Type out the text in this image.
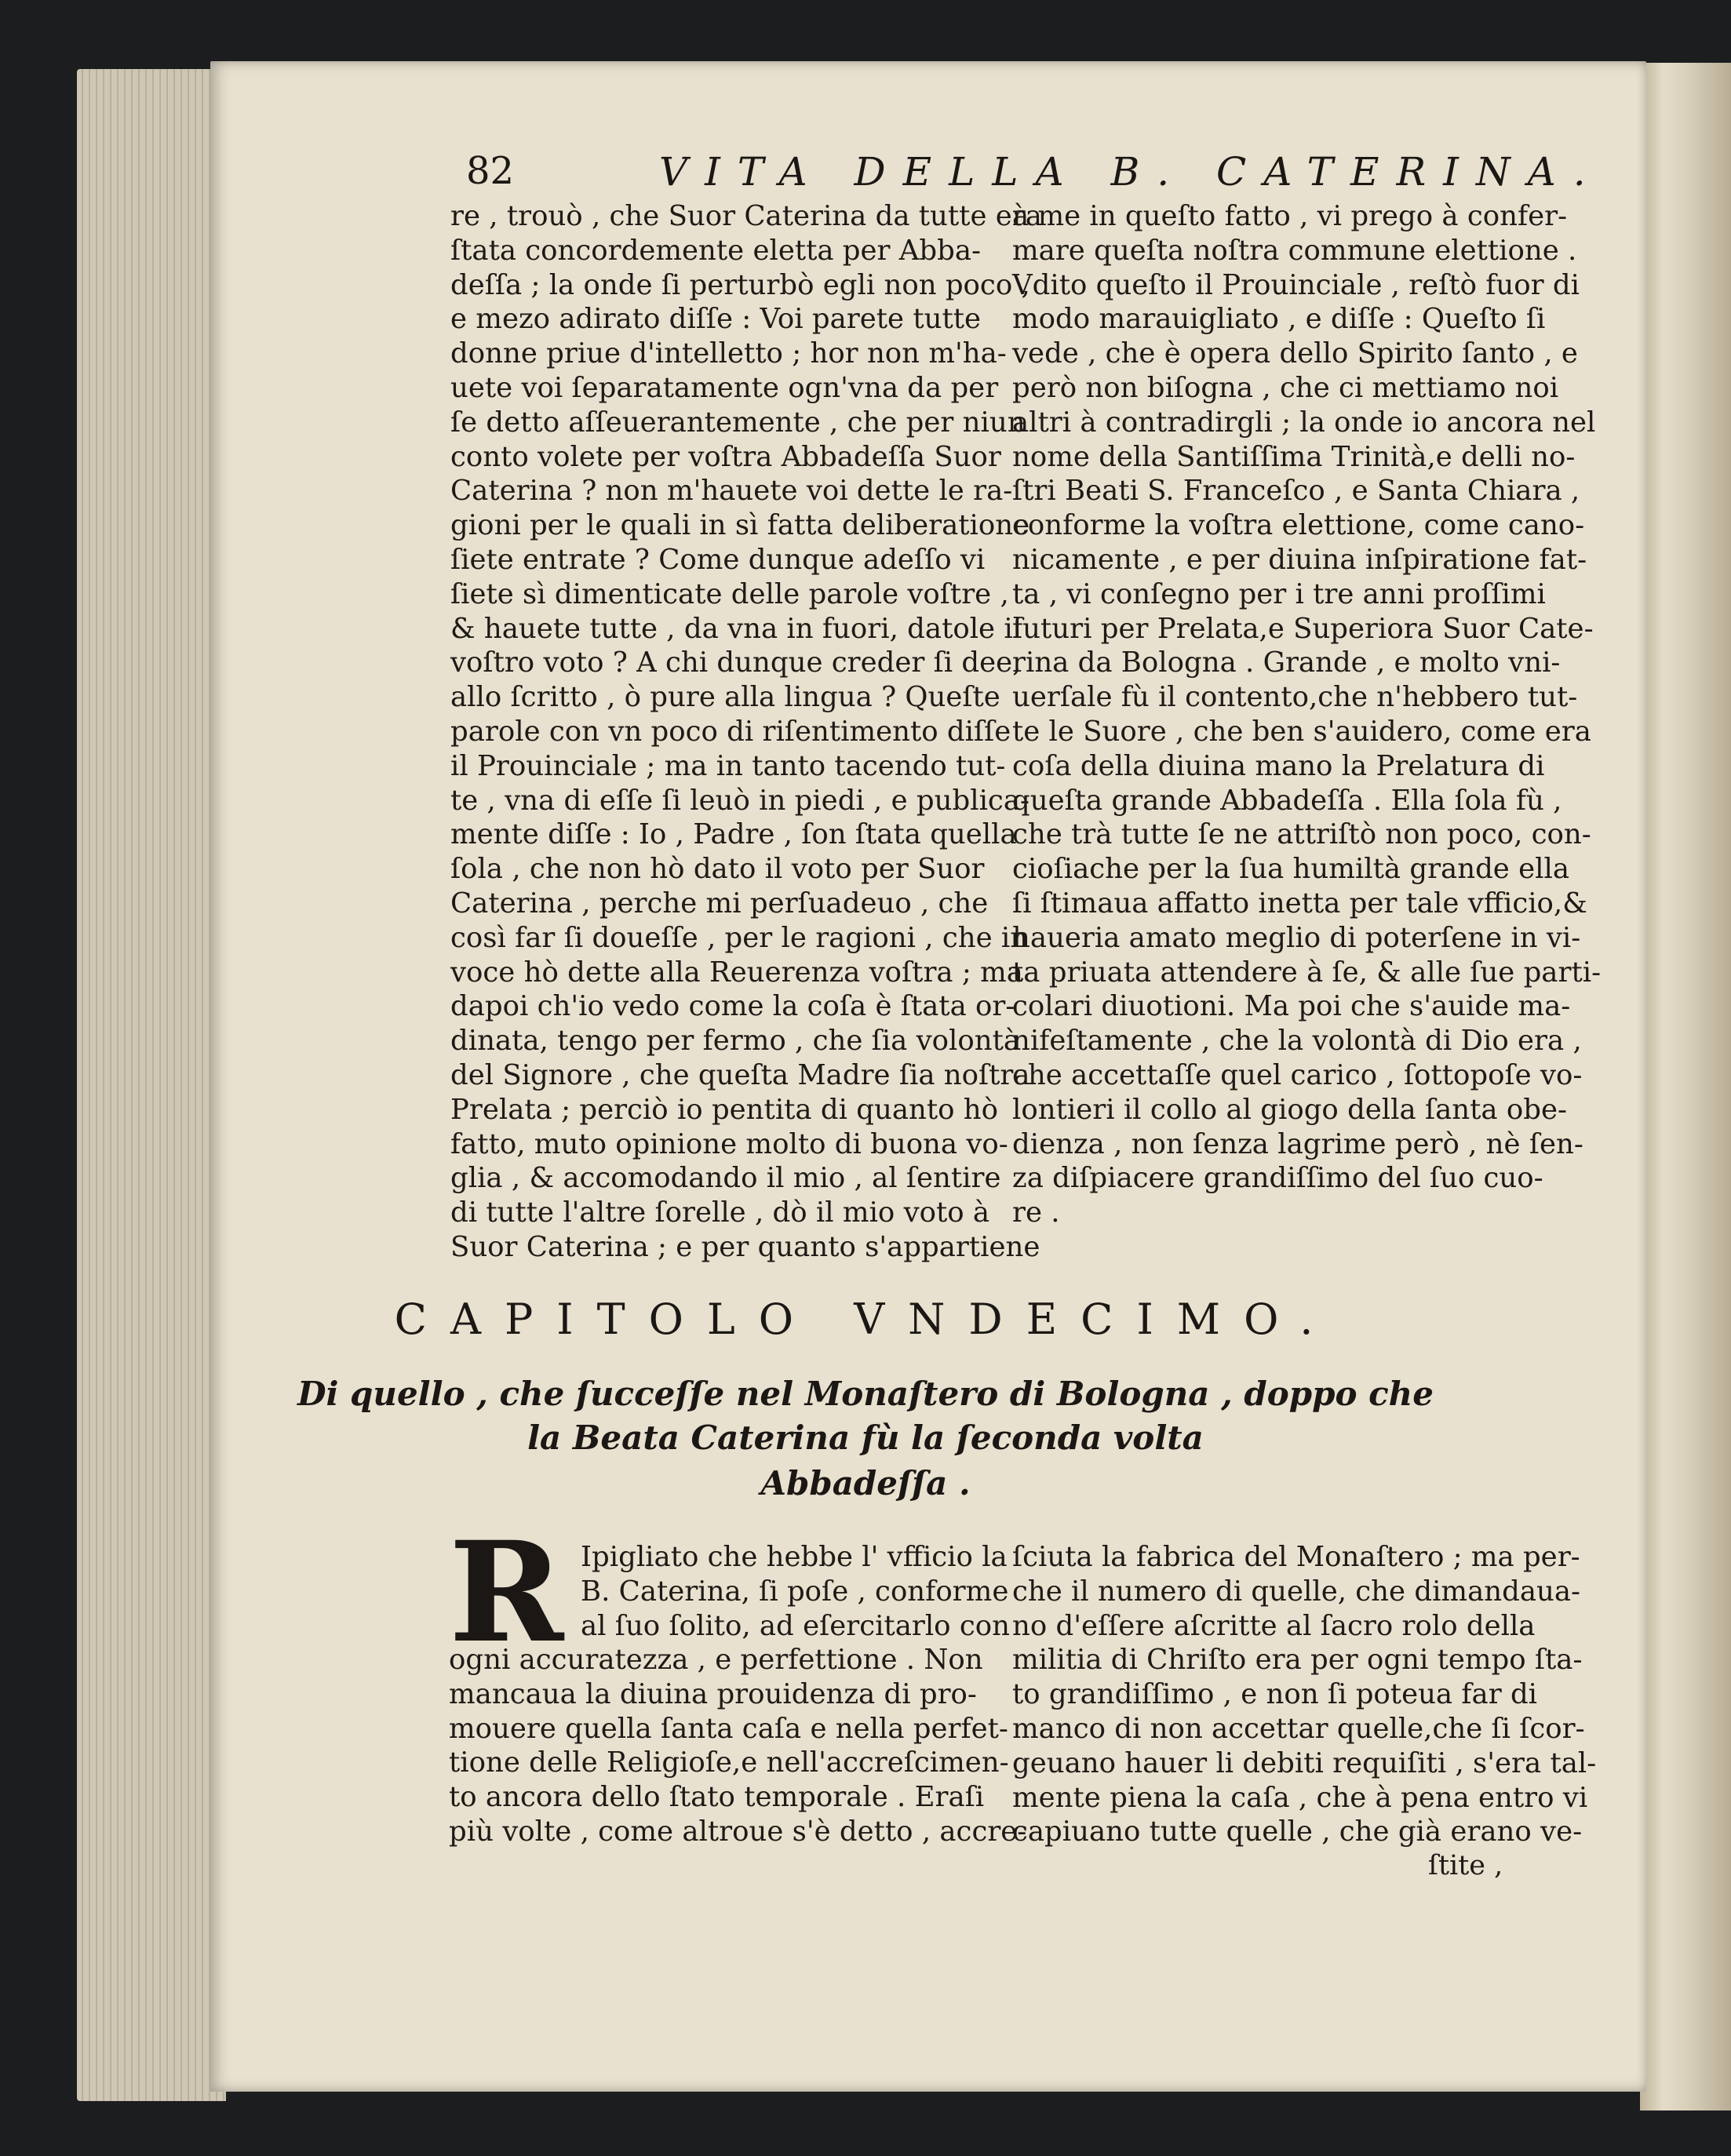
82	VITA DELLA B. CATERINA.
re , trouò , che Suor Caterina da tutte era
ſtata concordemente eletta per Abba-
deſſa ; la onde ſi perturbò egli non poco ,
e mezo adirato diſſe : Voi parete tutte
donne priue d'intelletto ; hor non m'ha-
uete voi ſeparatamente ogn'vna da per
ſe detto aſſeuerantemente , che per niun
conto volete per voſtra Abbadeſſa Suor
Caterina ? non m'hauete voi dette le ra-
gioni per le quali in sì fatta deliberatione
ſiete entrate ? Come dunque adeſſo vi
ſiete sì dimenticate delle parole voſtre ,
& hauete tutte , da vna in fuori, datole il
voſtro voto ? A chi dunque creder ſi dee,
allo ſcritto , ò pure alla lingua ? Queſte
parole con vn poco di riſentimento diſſe
il Prouinciale ; ma in tanto tacendo tut-
te , vna di eſſe ſi leuò in piedi , e publica-
mente diſſe : Io , Padre , ſon ſtata quella
ſola , che non hò dato il voto per Suor
Caterina , perche mi perſuadeuo , che
così far ſi doueſſe , per le ragioni , che in
voce hò dette alla Reuerenza voſtra ; ma
dapoi ch'io vedo come la coſa è ſtata or-
dinata, tengo per fermo , che ſia volontà
del Signore , che queſta Madre ſia noſtra
Prelata ; perciò io pentita di quanto hò
fatto, muto opinione molto di buona vo-
glia , & accomodando il mio , al ſentire
di tutte l'altre ſorelle , dò il mio voto à
Suor Caterina ; e per quanto s'appartiene
à me in queſto fatto , vi prego à confer-
mare queſta noſtra commune elettione .
Vdito queſto il Prouinciale , reſtò fuor di
modo marauigliato , e diſſe : Queſto ſi
vede , che è opera dello Spirito ſanto , e
però non biſogna , che ci mettiamo noi
altri à contradirgli ; la onde io ancora nel
nome della Santiſſima Trinità,e delli no-
ſtri Beati S. Franceſco , e Santa Chiara ,
conforme la voſtra elettione, come cano-
nicamente , e per diuina inſpiratione fat-
ta , vi conſegno per i tre anni proſſimi
futuri per Prelata,e Superiora Suor Cate-
rina da Bologna . Grande , e molto vni-
uerſale fù il contento,che n'hebbero tut-
te le Suore , che ben s'auidero, come era
coſa della diuina mano la Prelatura di
queſta grande Abbadeſſa . Ella ſola fù ,
che trà tutte ſe ne attriſtò non poco, con-
cioſiache per la ſua humiltà grande ella
ſi ſtimaua affatto inetta per tale vfficio,&
haueria amato meglio di poterſene in vi-
ta priuata attendere à ſe, & alle ſue parti-
colari diuotioni. Ma poi che s'auide ma-
nifeſtamente , che la volontà di Dio era ,
che accettaſſe quel carico , ſottopoſe vo-
lontieri il collo al giogo della ſanta obe-
dienza , non ſenza lagrime però , nè ſen-
za diſpiacere grandiſſimo del ſuo cuo-
re .
CAPITOLO VNDECIMO.
Di quello , che ſucceſſe nel Monaſtero di Bologna , doppo che
la Beata Caterina fù la ſeconda volta
Abbadeſſa .
R Ipigliato che hebbe l' vfficio la
B. Caterina, ſi poſe , conforme
al ſuo ſolito, ad eſercitarlo con
ogni accuratezza , e perfettione . Non
mancaua la diuina prouidenza di pro-
mouere quella ſanta caſa e nella perfet-
tione delle Religioſe,e nell'accreſcimen-
to ancora dello ſtato temporale . Eraſi
più volte , come altroue s'è detto , accre-
ſciuta la fabrica del Monaſtero ; ma per-
che il numero di quelle, che dimandaua-
no d'eſſere aſcritte al ſacro rolo della
militia di Chriſto era per ogni tempo ſta-
to grandiſſimo , e non ſi poteua far di
manco di non accettar quelle,che ſi ſcor-
geuano hauer li debiti requiſiti , s'era tal-
mente piena la caſa , che à pena entro vi
capiuano tutte quelle , che già erano ve-
ſtite ,
